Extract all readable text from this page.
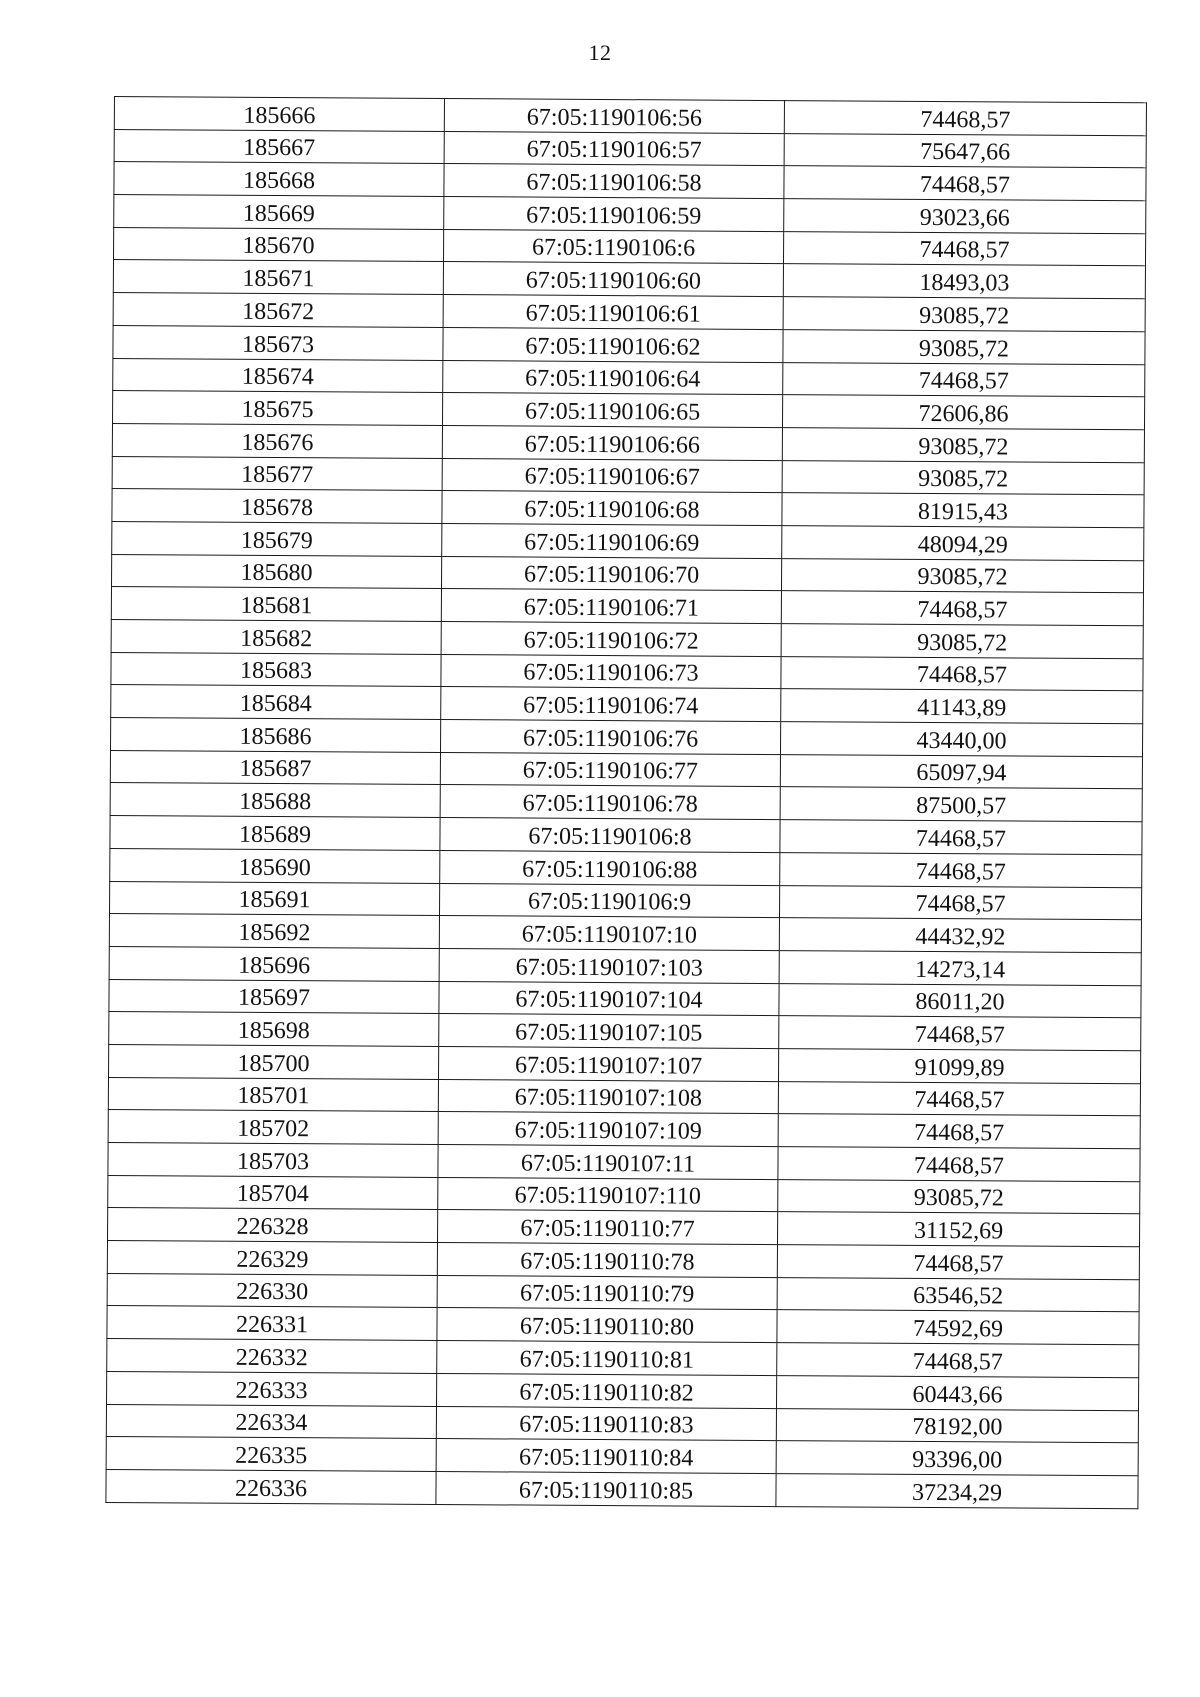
12
185666	67:05:1190106:56	74468,57
185667	67:05:1190106:57	75647,66
185668	67:05:1190106:58	74468,57
185669	67:05:1190106:59	93023,66
185670	67:05:1190106:6	74468,57
185671	67:05:1190106:60	18493,03
185672	67:05:1190106:61	93085,72
185673	67:05:1190106:62	93085,72
185674	67:05:1190106:64	74468,57
185675	67:05:1190106:65	72606,86
185676	67:05:1190106:66	93085,72
185677	67:05:1190106:67	93085,72
185678	67:05:1190106:68	81915,43
185679	67:05:1190106:69	48094,29
185680	67:05:1190106:70	93085,72
185681	67:05:1190106:71	74468,57
185682	67:05:1190106:72	93085,72
185683	67:05:1190106:73	74468,57
185684	67:05:1190106:74	41143,89
185686	67:05:1190106:76	43440,00
185687	67:05:1190106:77	65097,94
185688	67:05:1190106:78	87500,57
185689	67:05:1190106:8	74468,57
185690	67:05:1190106:88	74468,57
185691	67:05:1190106:9	74468,57
185692	67:05:1190107:10	44432,92
185696	67:05:1190107:103	14273,14
185697	67:05:1190107:104	86011,20
185698	67:05:1190107:105	74468,57
185700	67:05:1190107:107	91099,89
185701	67:05:1190107:108	74468,57
185702	67:05:1190107:109	74468,57
185703	67:05:1190107:11	74468,57
185704	67:05:1190107:110	93085,72
226328	67:05:1190110:77	31152,69
226329	67:05:1190110:78	74468,57
226330	67:05:1190110:79	63546,52
226331	67:05:1190110:80	74592,69
226332	67:05:1190110:81	74468,57
226333	67:05:1190110:82	60443,66
226334	67:05:1190110:83	78192,00
226335	67:05:1190110:84	93396,00
226336	67:05:1190110:85	37234,29
